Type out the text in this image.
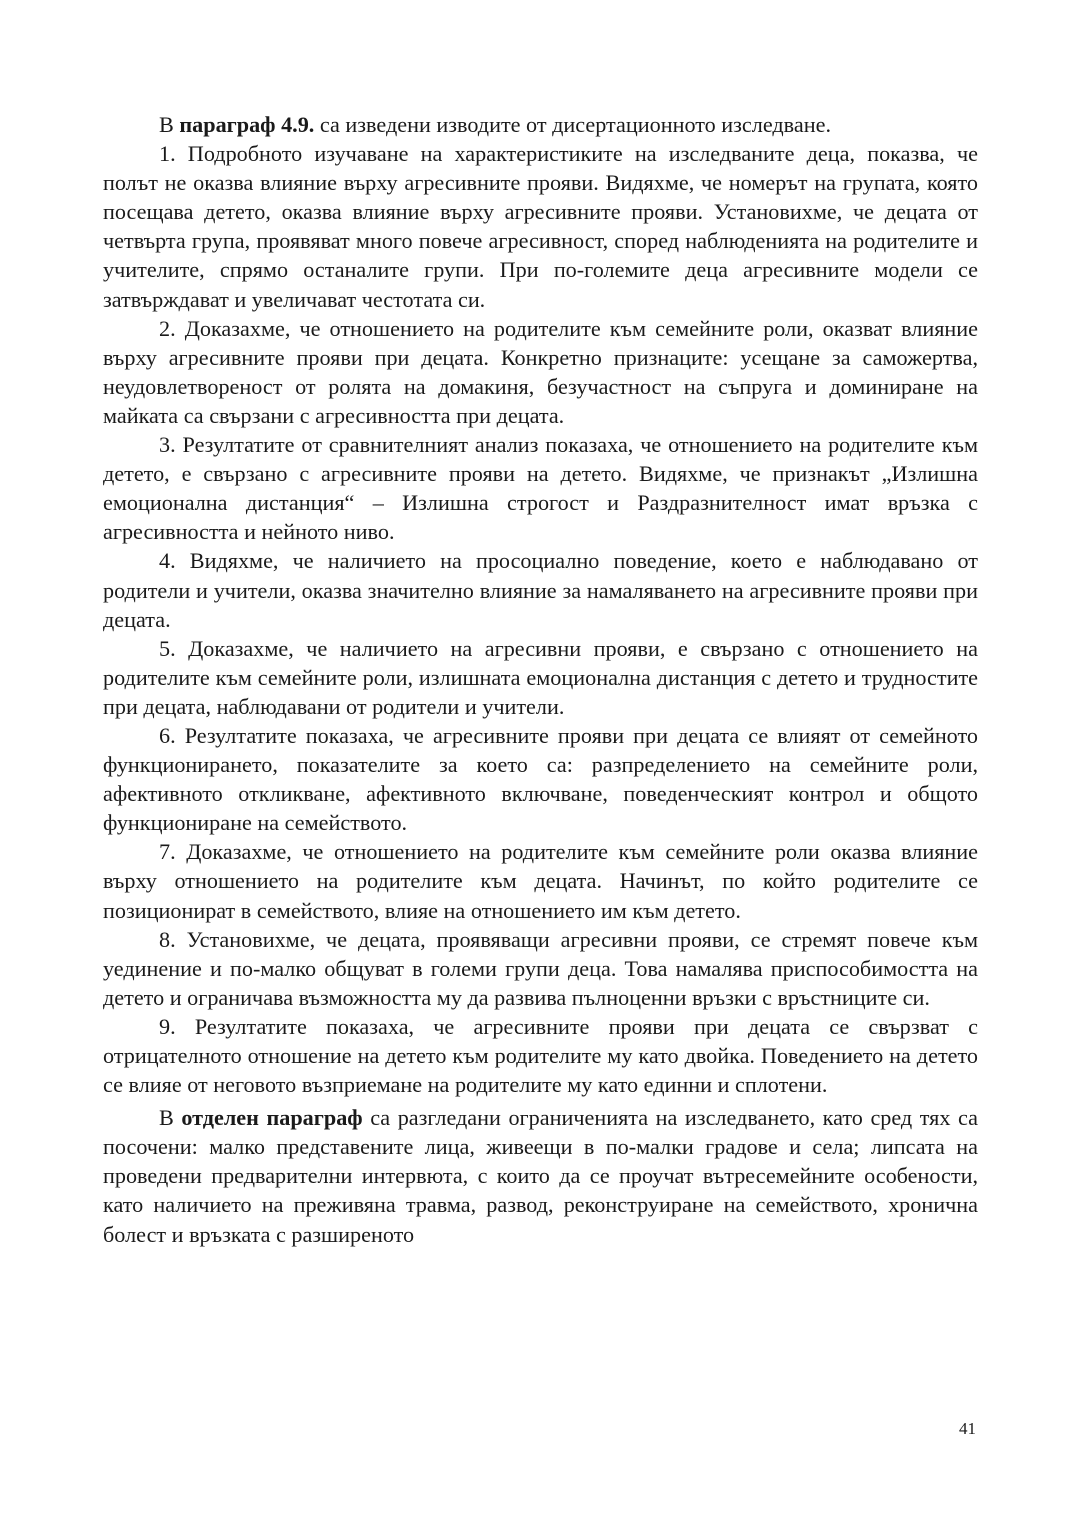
В параграф 4.9. са изведени изводите от дисертационното изследване.

1. Подробното изучаване на характеристиките на изследваните деца, показва, че полът не оказва влияние върху агресивните прояви. Видяхме, че номерът на групата, която посещава детето, оказва влияние върху агресивните прояви. Установихме, че децата от четвърта група, проявяват много повече агресивност, според наблюденията на родителите и учителите, спрямо останалите групи. При по-големите деца агресивните модели се затвърждават и увеличават честотата си.

2. Доказахме, че отношението на родителите към семейните роли, оказват влияние върху агресивните прояви при децата. Конкретно признаците: усещане за саможертва, неудовлетвореност от ролята на домакиня, безучастност на съпруга и доминиране на майката са свързани с агресивността при децата.

3. Резултатите от сравнителният анализ показаха, че отношението на родителите към детето, е свързано с агресивните прояви на детето. Видяхме, че признакът „Излишна емоционална дистанция“ – Излишна строгост и Раздразнителност имат връзка с агресивността и нейното ниво.

4. Видяхме, че наличието на просоциално поведение, което е наблюдавано от родители и учители, оказва значително влияние за намаляването на агресивните прояви при децата.

5. Доказахме, че наличието на агресивни прояви, е свързано с отношението на родителите към семейните роли, излишната емоционална дистанция с детето и трудностите при децата, наблюдавани от родители и учители.

6. Резултатите показаха, че агресивните прояви при децата се влияят от семейното функционирането, показателите за което са: разпределението на семейните роли, афективното откликване, афективното включване, поведенческият контрол и общото функциониране на семейството.

7. Доказахме, че отношението на родителите към семейните роли оказва влияние върху отношението на родителите към децата. Начинът, по който родителите се позиционират в семейството, влияе на отношението им към детето.

8. Установихме, че децата, проявяващи агресивни прояви, се стремят повече към уединение и по-малко общуват в големи групи деца. Това намалява приспособимостта на детето и ограничава възможността му да развива пълноценни връзки с връстниците си.

9. Резултатите показаха, че агресивните прояви при децата се свързват с отрицателното отношение на детето към родителите му като двойка. Поведението на детето се влияе от неговото възприемане на родителите му като единни и сплотени.

В отделен параграф са разгледани ограниченията на изследването, като сред тях са посочени: малко представените лица, живеещи в по-малки градове и села; липсата на проведени предварителни интервюта, с които да се проучат вътресемейните особености, като наличието на преживяна травма, развод, реконструиране на семейството, хронична болест и връзката с разширеното

41
